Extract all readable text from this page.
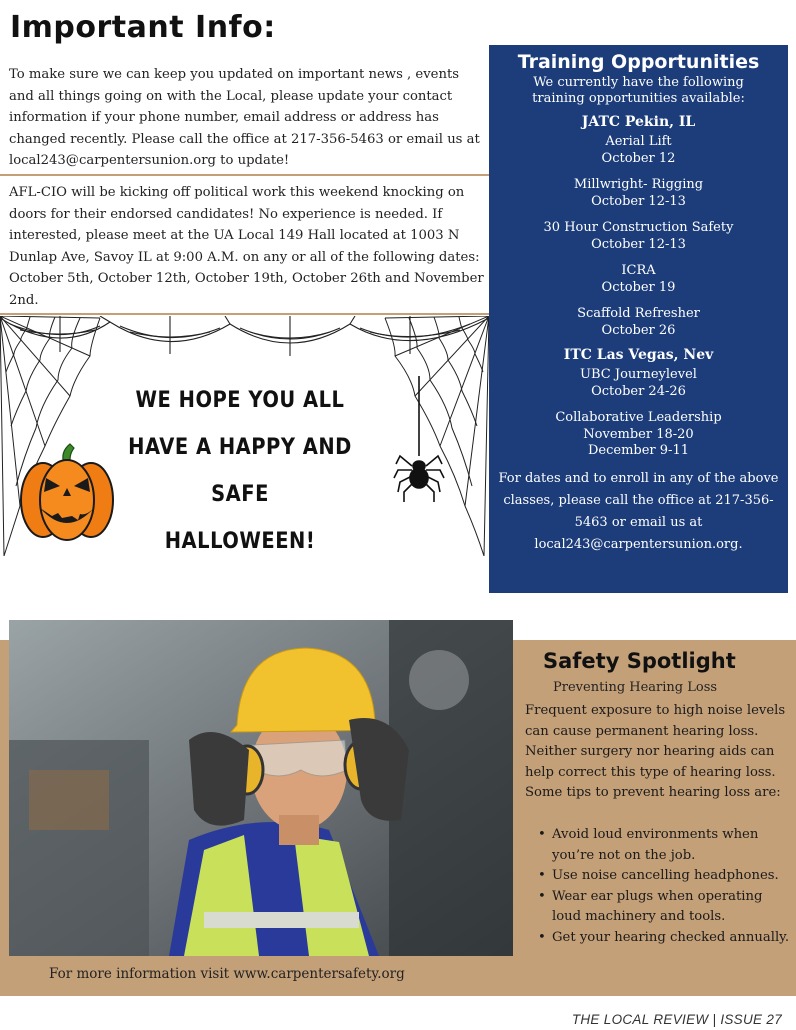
Important Info:

To make sure we can keep you updated on important news , events and all things going on with the Local, please update your contact information if your phone number, email address or address has changed recently. Please call the office at 217-356-5463 or email us at local243@carpentersunion.org to update!

AFL-CIO will be kicking off political work this weekend knocking on doors for their endorsed candidates! No experience is needed. If interested, please meet at the UA Local 149 Hall located at 1003 N Dunlap Ave, Savoy IL at 9:00 A.M. on any or all of the following dates: October 5th, October 12th, October 19th, October 26th and November 2nd.

WE HOPE YOU ALL
HAVE A HAPPY AND SAFE
HALLOWEEN!
Training Opportunities
We currently have the following training opportunities available:
JATC Pekin, IL
Aerial Lift
October 12
Millwright- Rigging
October 12-13
30 Hour Construction Safety
October 12-13
ICRA
October 19
Scaffold Refresher
October 26
ITC Las Vegas, Nev
UBC Journeylevel
October 24-26
Collaborative Leadership
November 18-20
December 9-11
For dates and to enroll in any of the above classes, please call the office at 217-356-5463 or email us at local243@carpentersunion.org.
Safety Spotlight
Preventing Hearing Loss

Frequent exposure to high noise levels can cause permanent hearing loss. Neither surgery nor hearing aids can help correct this type of hearing loss. Some tips to prevent hearing loss are:

• Avoid loud environments when you’re not on the job.
• Use noise cancelling headphones.
• Wear ear plugs when operating loud machinery and tools.
• Get your hearing checked annually.
For more information visit www.carpentersafety.org
THE LOCAL REVIEW | ISSUE 27
